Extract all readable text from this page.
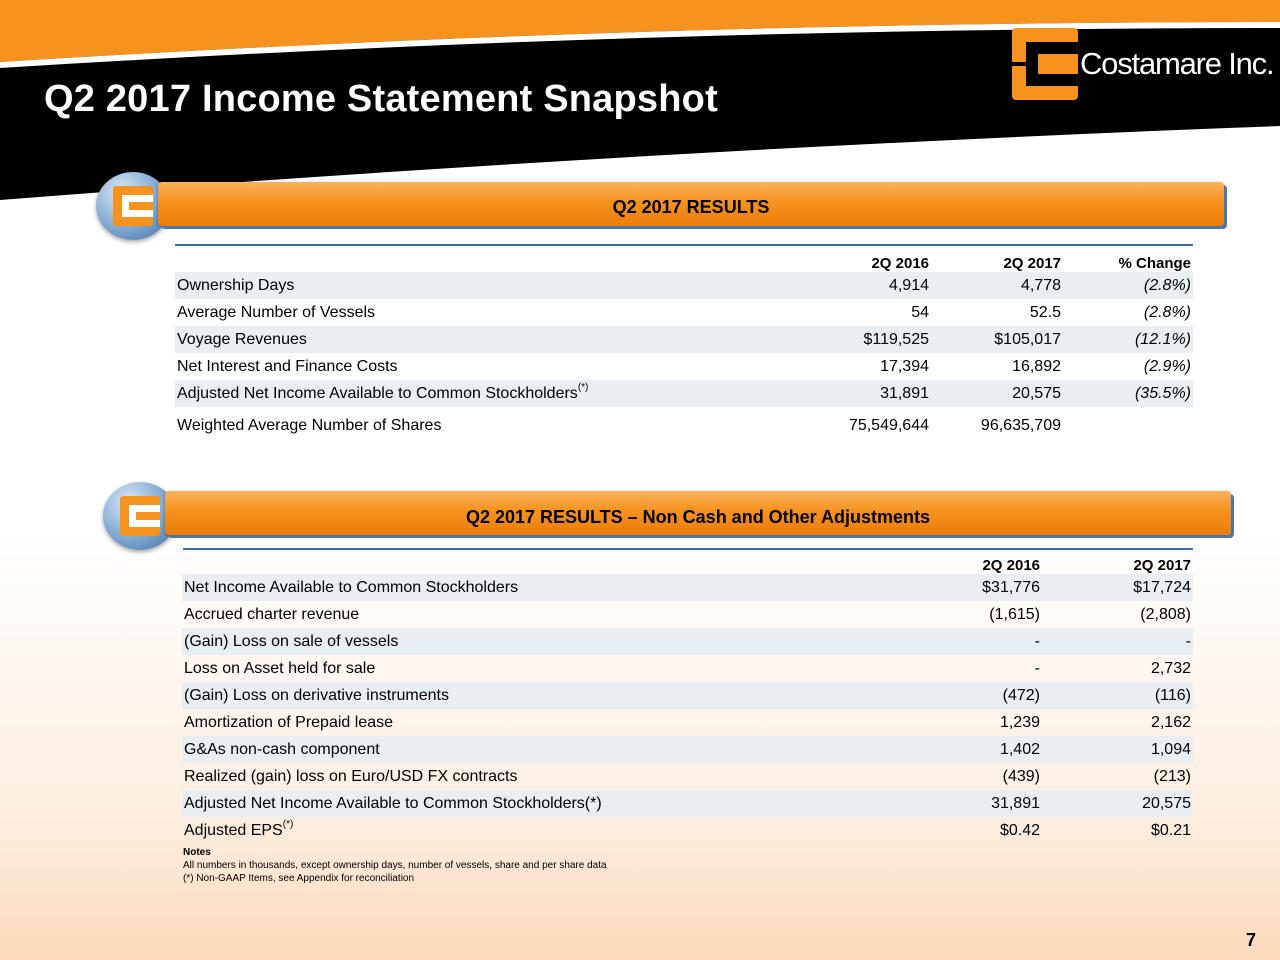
Q2 2017 Income Statement Snapshot
Costamare Inc.
Q2 2017 RESULTS
	2Q 2016	2Q 2017	% Change
Ownership Days	4,914	4,778	(2.8%)
Average Number of Vessels	54	52.5	(2.8%)
Voyage Revenues	$119,525	$105,017	(12.1%)
Net Interest and Finance Costs	17,394	16,892	(2.9%)
Adjusted Net Income Available to Common Stockholders(*)	31,891	20,575	(35.5%)
Weighted Average Number of Shares	75,549,644	96,635,709	
Q2 2017 RESULTS – Non Cash and Other Adjustments
	2Q 2016	2Q 2017
Net Income Available to Common Stockholders	$31,776	$17,724
Accrued charter revenue	(1,615)	(2,808)
(Gain) Loss on sale of vessels	-	-
Loss on Asset held for sale	-	2,732
(Gain) Loss on derivative instruments	(472)	(116)
Amortization of Prepaid lease	1,239	2,162
G&As non-cash component	1,402	1,094
Realized (gain) loss on Euro/USD FX contracts	(439)	(213)
Adjusted Net Income Available to Common Stockholders(*)	31,891	20,575
Adjusted EPS(*)	$0.42	$0.21
Notes
All numbers in thousands, except ownership days, number of vessels, share and per share data
(*) Non-GAAP Items, see Appendix for reconciliation
7
